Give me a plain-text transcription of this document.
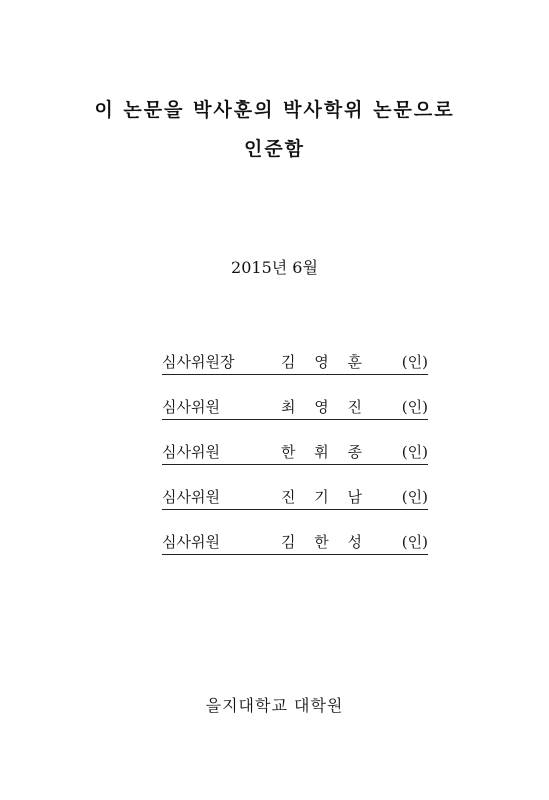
이 논문을 박사훈의 박사학위 논문으로
인준함
2015년 6월
심사위원장	김 영 훈 (인)
심사위원	최 영 진 (인)
심사위원	한 휘 종 (인)
심사위원	진 기 남 (인)
심사위원	김 한 성 (인)
을지대학교 대학원
